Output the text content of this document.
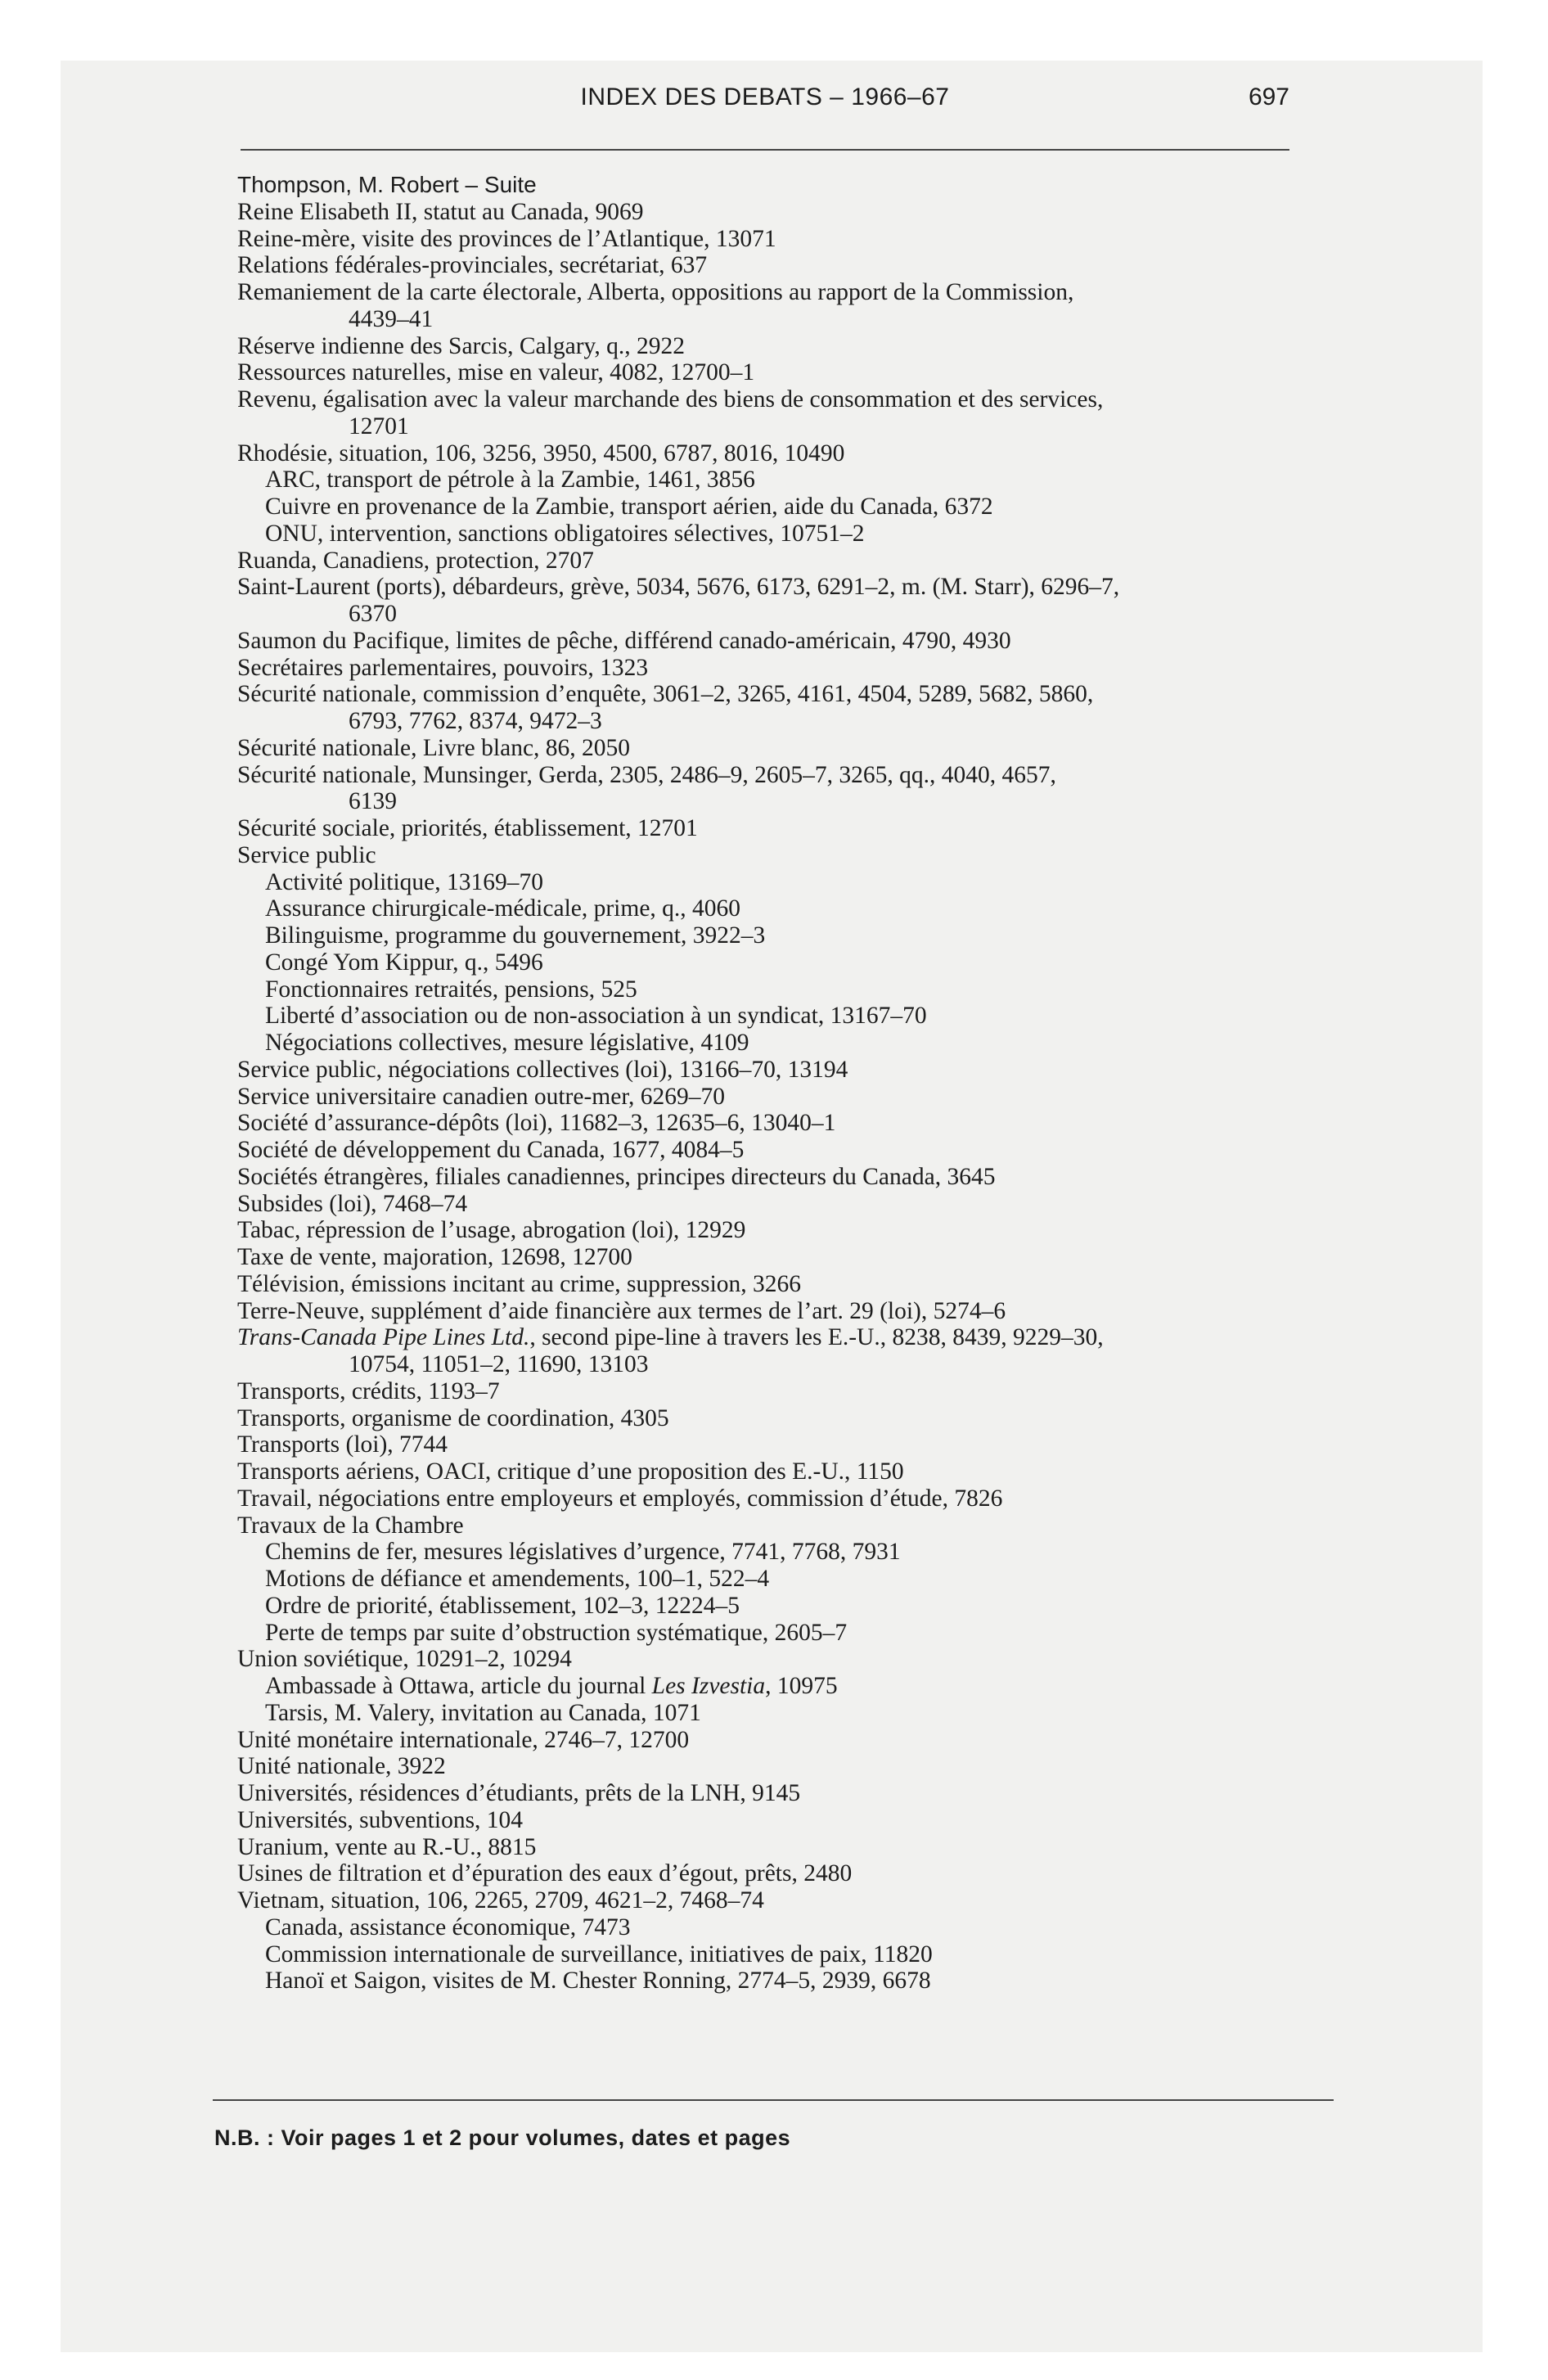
INDEX DES DEBATS – 1966–67	697
Thompson, M. Robert – Suite
Reine Elisabeth II, statut au Canada, 9069
Reine-mère, visite des provinces de l’Atlantique, 13071
Relations fédérales-provinciales, secrétariat, 637
Remaniement de la carte électorale, Alberta, oppositions au rapport de la Commission,
4439–41
Réserve indienne des Sarcis, Calgary, q., 2922
Ressources naturelles, mise en valeur, 4082, 12700–1
Revenu, égalisation avec la valeur marchande des biens de consommation et des services,
12701
Rhodésie, situation, 106, 3256, 3950, 4500, 6787, 8016, 10490
ARC, transport de pétrole à la Zambie, 1461, 3856
Cuivre en provenance de la Zambie, transport aérien, aide du Canada, 6372
ONU, intervention, sanctions obligatoires sélectives, 10751–2
Ruanda, Canadiens, protection, 2707
Saint-Laurent (ports), débardeurs, grève, 5034, 5676, 6173, 6291–2, m. (M. Starr), 6296–7,
6370
Saumon du Pacifique, limites de pêche, différend canado-américain, 4790, 4930
Secrétaires parlementaires, pouvoirs, 1323
Sécurité nationale, commission d’enquête, 3061–2, 3265, 4161, 4504, 5289, 5682, 5860,
6793, 7762, 8374, 9472–3
Sécurité nationale, Livre blanc, 86, 2050
Sécurité nationale, Munsinger, Gerda, 2305, 2486–9, 2605–7, 3265, qq., 4040, 4657,
6139
Sécurité sociale, priorités, établissement, 12701
Service public
Activité politique, 13169–70
Assurance chirurgicale-médicale, prime, q., 4060
Bilinguisme, programme du gouvernement, 3922–3
Congé Yom Kippur, q., 5496
Fonctionnaires retraités, pensions, 525
Liberté d’association ou de non-association à un syndicat, 13167–70
Négociations collectives, mesure législative, 4109
Service public, négociations collectives (loi), 13166–70, 13194
Service universitaire canadien outre-mer, 6269–70
Société d’assurance-dépôts (loi), 11682–3, 12635–6, 13040–1
Société de développement du Canada, 1677, 4084–5
Sociétés étrangères, filiales canadiennes, principes directeurs du Canada, 3645
Subsides (loi), 7468–74
Tabac, répression de l’usage, abrogation (loi), 12929
Taxe de vente, majoration, 12698, 12700
Télévision, émissions incitant au crime, suppression, 3266
Terre-Neuve, supplément d’aide financière aux termes de l’art. 29 (loi), 5274–6
Trans-Canada Pipe Lines Ltd., second pipe-line à travers les E.-U., 8238, 8439, 9229–30,
10754, 11051–2, 11690, 13103
Transports, crédits, 1193–7
Transports, organisme de coordination, 4305
Transports (loi), 7744
Transports aériens, OACI, critique d’une proposition des E.-U., 1150
Travail, négociations entre employeurs et employés, commission d’étude, 7826
Travaux de la Chambre
Chemins de fer, mesures législatives d’urgence, 7741, 7768, 7931
Motions de défiance et amendements, 100–1, 522–4
Ordre de priorité, établissement, 102–3, 12224–5
Perte de temps par suite d’obstruction systématique, 2605–7
Union soviétique, 10291–2, 10294
Ambassade à Ottawa, article du journal Les Izvestia, 10975
Tarsis, M. Valery, invitation au Canada, 1071
Unité monétaire internationale, 2746–7, 12700
Unité nationale, 3922
Universités, résidences d’étudiants, prêts de la LNH, 9145
Universités, subventions, 104
Uranium, vente au R.-U., 8815
Usines de filtration et d’épuration des eaux d’égout, prêts, 2480
Vietnam, situation, 106, 2265, 2709, 4621–2, 7468–74
Canada, assistance économique, 7473
Commission internationale de surveillance, initiatives de paix, 11820
Hanoï et Saigon, visites de M. Chester Ronning, 2774–5, 2939, 6678
N.B. : Voir pages 1 et 2 pour volumes, dates et pages
